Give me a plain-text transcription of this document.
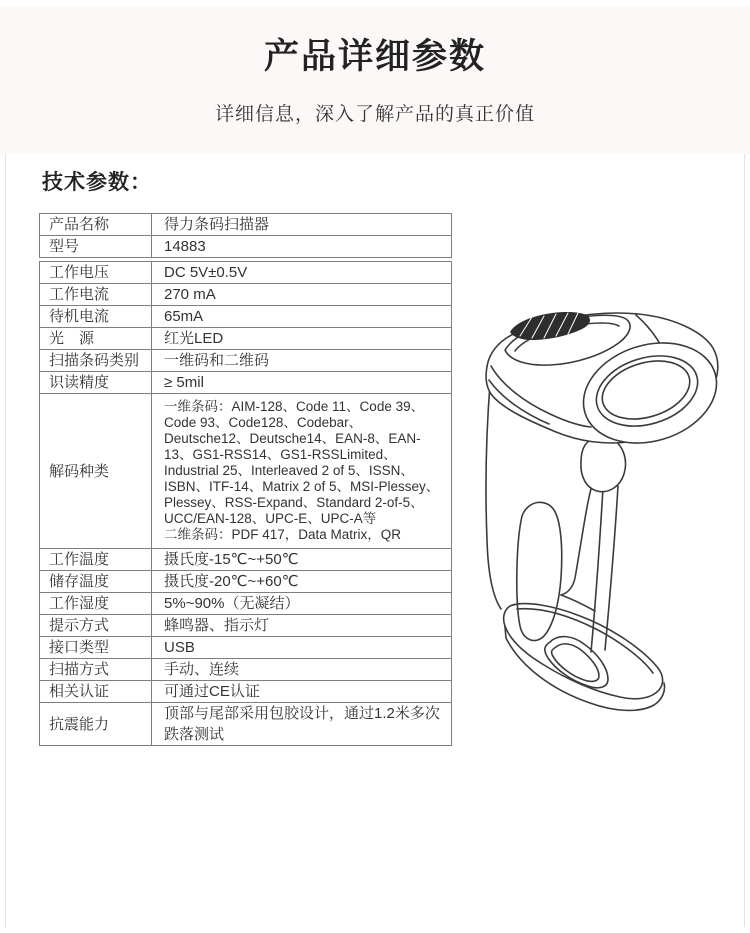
产品详细参数

详细信息，深入了解产品的真正价值

技术参数：
产品名称	得力条码扫描器
型号	14883
工作电压	DC 5V±0.5V
工作电流	270 mA
待机电流	65mA
光　源	红光LED
扫描条码类别	一维码和二维码
识读精度	≥ 5mil
解码种类	一维条码：AIM-128、Code 11、Code 39、Code 93、Code128、Codebar、Deutsche12、Deutsche14、EAN-8、EAN-13、GS1-RSS14、GS1-RSSLimited、Industrial 25、Interleaved 2 of 5、ISSN、ISBN、ITF-14、Matrix 2 of 5、MSI-Plessey、Plessey、RSS-Expand、Standard 2-of-5、UCC/EAN-128、UPC-E、UPC-A等
二维条码：PDF 417，Data Matrix，QR

工作温度	摄氏度-15℃~+50℃
储存温度	摄氏度-20℃~+60℃
工作湿度	5%~90%（无凝结）
提示方式	蜂鸣器、指示灯
接口类型	USB
扫描方式	手动、连续
相关认证	可通过CE认证
抗震能力	顶部与尾部采用包胶设计，通过1.2米多次跌落测试
